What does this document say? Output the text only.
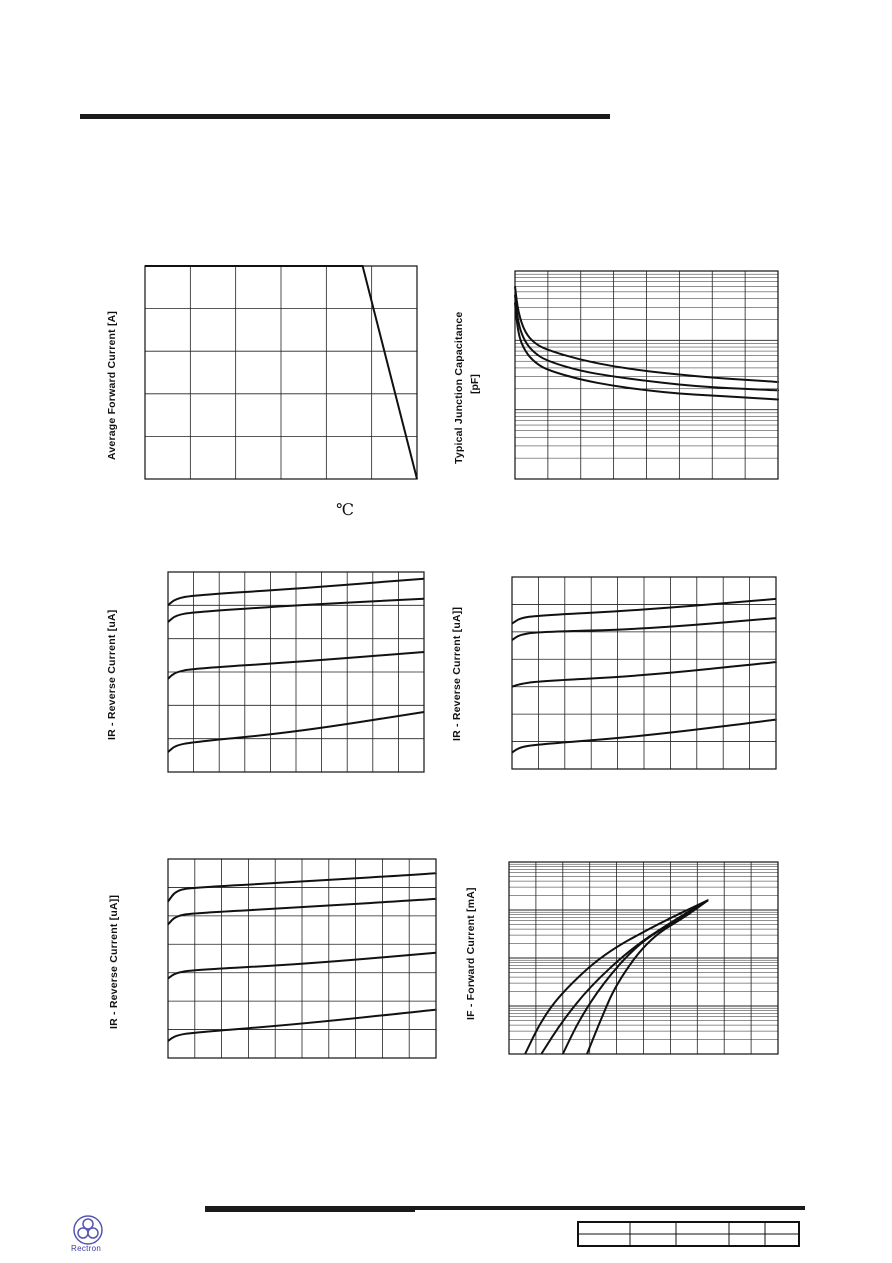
Average Forward Current [A]
℃
Typical Junction Capacitance [pF]
IR - Reverse Current [uA]	IR - Reverse Current [uA]]
IR - Reverse Current [uA]]	IF - Forward Current [mA]
Rectron
